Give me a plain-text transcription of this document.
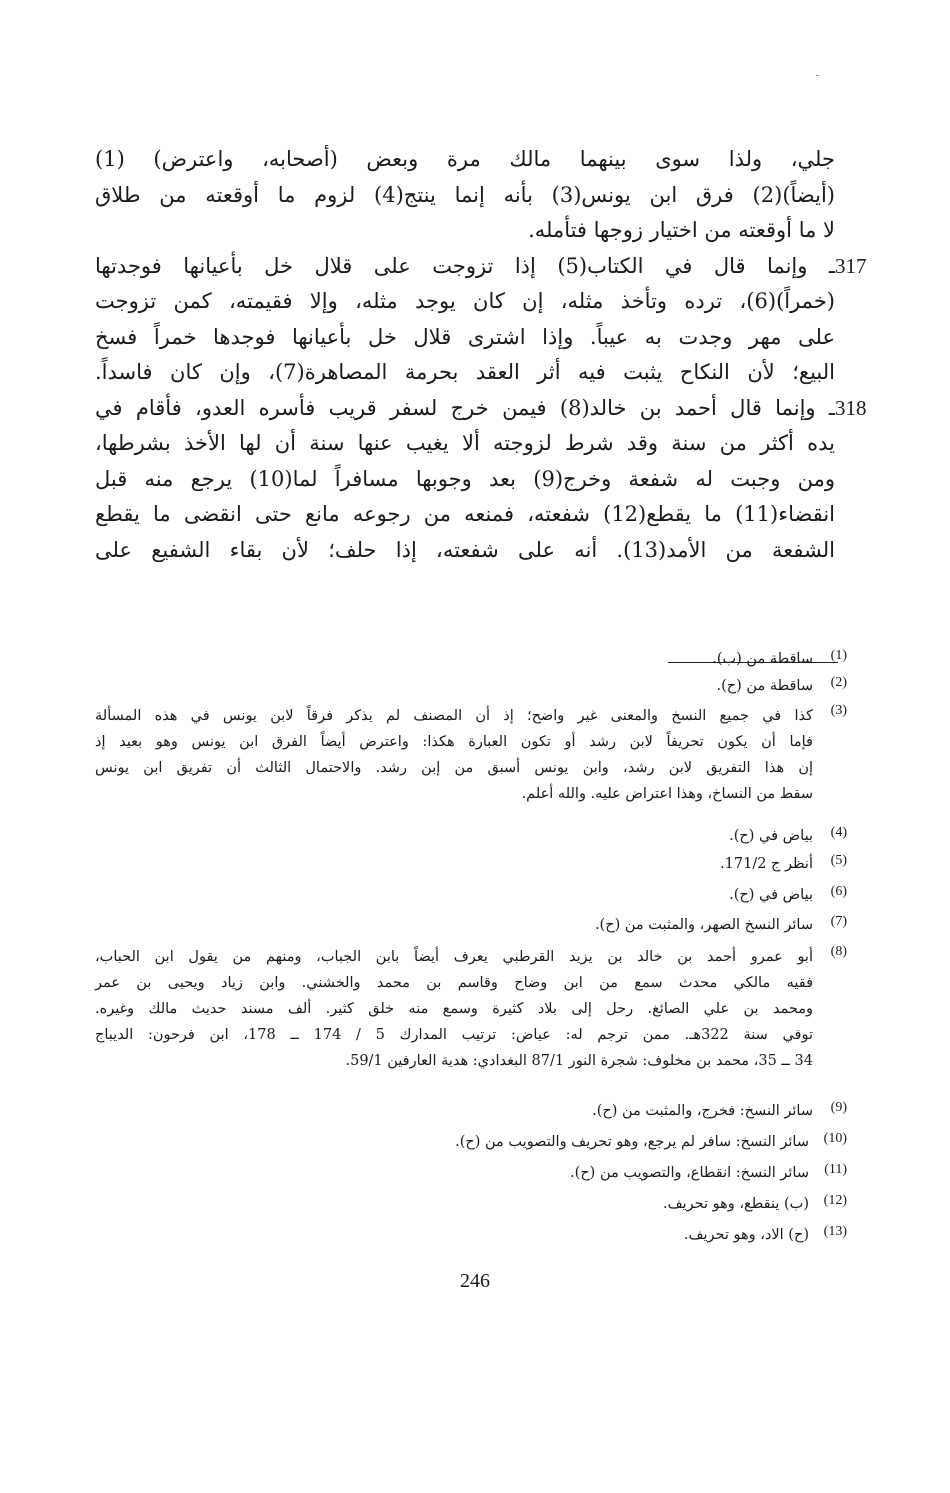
جلي، ولذا سوى بينهما مالك مرة وبعض (أصحابه، واعترض) (1)
(أيضاً)(2) فرق ابن يونس(3) بأنه إنما ينتج(4) لزوم ما أوقعته من طلاق
لا ما أوقعته من اختيار زوجها فتأمله.
317
ـ وإنما قال في الكتاب(5) إذا تزوجت على قلال خل بأعيانها فوجدتها
(خمراً)(6)، ترده وتأخذ مثله، إن كان يوجد مثله، وإلا فقيمته، كمن تزوجت
على مهر وجدت به عيباً. وإذا اشترى قلال خل بأعيانها فوجدها خمراً فسخ
البيع؛ لأن النكاح يثبت فيه أثر العقد بحرمة المصاهرة(7)، وإن كان فاسداً.
318
ـ وإنما قال أحمد بن خالد(8) فيمن خرج لسفر قريب فأسره العدو، فأقام في
يده أكثر من سنة وقد شرط لزوجته ألا يغيب عنها سنة أن لها الأخذ بشرطها،
ومن وجبت له شفعة وخرج(9) بعد وجوبها مسافراً لما(10) يرجع منه قبل
انقضاء(11) ما يقطع(12) شفعته، فمنعه من رجوعه مانع حتى انقضى ما يقطع
الشفعة من الأمد(13). أنه على شفعته، إذا حلف؛ لأن بقاء الشفيع على
(1)
ساقطة من (ب).
(2)
ساقطة من (ح).
(3)
كذا في جميع النسخ والمعنى غير واضح؛ إذ أن المصنف لم يذكر فرقاً لابن يونس في هذه المسألة
فإما أن يكون تحريفاً لابن رشد أو تكون العبارة هكذا: واعترض أيضاً الفرق ابن يونس وهو بعيد إذ
إن هذا التفريق لابن رشد، وابن يونس أسبق من إبن رشد. والاحتمال الثالث أن تفريق ابن يونس
سقط من النساخ، وهذا اعتراض عليه. والله أعلم.
(4)
بياض في (ح).
(5)
أنظر ج 171/2.
(6)
بياض في (ح).
(7)
سائر النسخ الصهر، والمثبت من (ح).
(8)
أبو عمرو أحمد بن خالد بن يزيد القرطبي يعرف أيضاً بابن الجباب، ومنهم من يقول ابن الحباب،
فقيه مالكي محدث سمع من ابن وضاح وقاسم بن محمد والخشني. وابن زياد ويحيى بن عمر
ومحمد بن علي الصائغ. رحل إلى بلاد كثيرة وسمع منه خلق كثير. ألف مسند حديث مالك وغيره.
توفي سنة 322هـ. ممن ترجم له: عياض: ترتيب المدارك 5 / 174 ــ 178، ابن فرحون: الديباج
34 ــ 35، محمد بن مخلوف: شجرة النور 87/1 البغدادي: هدية العارفين 59/1.
(9)
سائر النسخ: فخرج، والمثبت من (ح).
(10)
سائر النسخ: سافر لم يرجع، وهو تحريف والتصويب من (ح).
(11)
سائر النسخ: انقطاع، والتصويب من (ح).
(12)
(ب) ينقطع، وهو تحريف.
(13)
(ح) الاد، وهو تحريف.
246
